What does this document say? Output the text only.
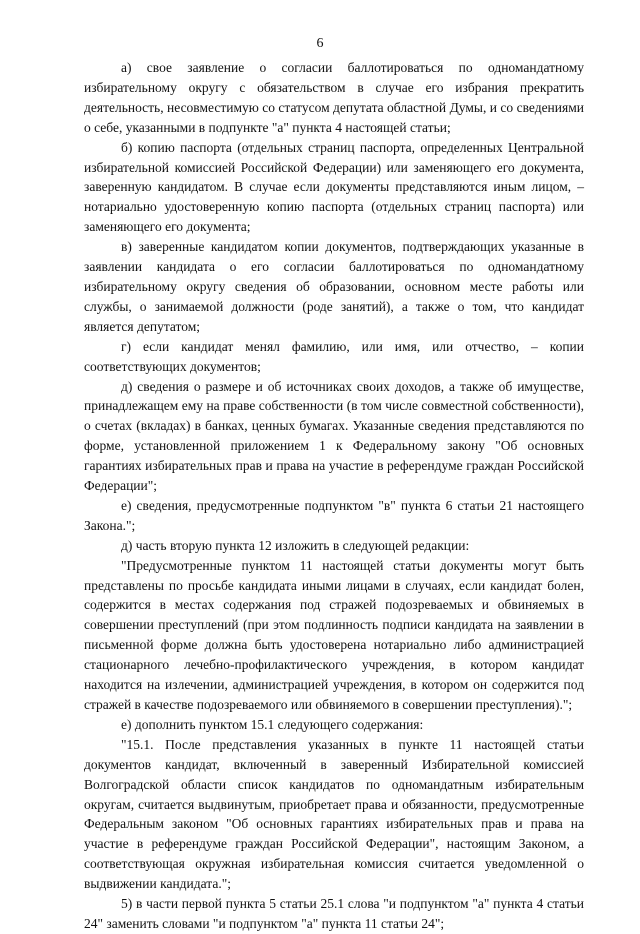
6

а) свое заявление о согласии баллотироваться по одномандатному избирательному округу с обязательством в случае его избрания прекратить деятельность, несовместимую со статусом депутата областной Думы, и со сведениями о себе, указанными в подпункте "а" пункта 4 настоящей статьи;

б) копию паспорта (отдельных страниц паспорта, определенных Центральной избирательной комиссией Российской Федерации) или заменяющего его документа, заверенную кандидатом. В случае если документы представляются иным лицом, – нотариально удостоверенную копию паспорта (отдельных страниц паспорта) или заменяющего его документа;

в) заверенные кандидатом копии документов, подтверждающих указанные в заявлении кандидата о его согласии баллотироваться по одномандатному избирательному округу сведения об образовании, основном месте работы или службы, о занимаемой должности (роде занятий), а также о том, что кандидат является депутатом;

г) если кандидат менял фамилию, или имя, или отчество, – копии соответствующих документов;

д) сведения о размере и об источниках своих доходов, а также об имуществе, принадлежащем ему на праве собственности (в том числе совместной собственности), о счетах (вкладах) в банках, ценных бумагах. Указанные сведения представляются по форме, установленной приложением 1 к Федеральному закону "Об основных гарантиях избирательных прав и права на участие в референдуме граждан Российской Федерации";

е) сведения, предусмотренные подпунктом "в" пункта 6 статьи 21 настоящего Закона.";

д) часть вторую пункта 12 изложить в следующей редакции:

"Предусмотренные пунктом 11 настоящей статьи документы могут быть представлены по просьбе кандидата иными лицами в случаях, если кандидат болен, содержится в местах содержания под стражей подозреваемых и обвиняемых в совершении преступлений (при этом подлинность подписи кандидата на заявлении в письменной форме должна быть удостоверена нотариально либо администрацией стационарного лечебно-профилактического учреждения, в котором кандидат находится на излечении, администрацией учреждения, в котором он содержится под стражей в качестве подозреваемого или обвиняемого в совершении преступления).";

е) дополнить пунктом 15.1 следующего содержания:

"15.1. После представления указанных в пункте 11 настоящей статьи документов кандидат, включенный в заверенный Избирательной комиссией Волгоградской области список кандидатов по одномандатным избирательным округам, считается выдвинутым, приобретает права и обязанности, предусмотренные Федеральным законом "Об основных гарантиях избирательных прав и права на участие в референдуме граждан Российской Федерации", настоящим Законом, а соответствующая окружная избирательная комиссия считается уведомленной о выдвижении кандидата.";

5) в части первой пункта 5 статьи 25.1 слова "и подпунктом "а" пункта 4 статьи 24" заменить словами "и подпунктом "а" пункта 11 статьи 24";
